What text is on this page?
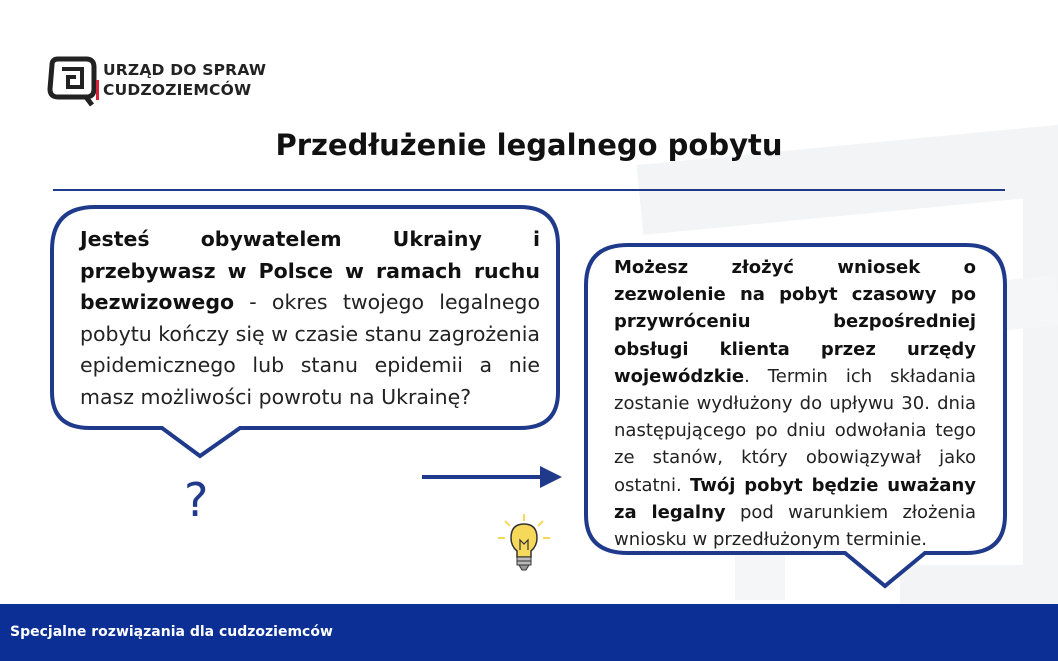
URZĄD DO SPRAW
CUDZOZIEMCÓW
Przedłużenie legalnego pobytu
Jesteś obywatelem Ukrainy i przebywasz w Polsce w ramach ruchu bezwizowego - okres twojego legalnego pobytu kończy się w czasie stanu zagrożenia epidemicznego lub stanu epidemii a nie masz możliwości powrotu na Ukrainę?
Możesz złożyć wniosek o zezwolenie na pobyt czasowy po przywróceniu bezpośredniej obsługi klienta przez urzędy wojewódzkie. Termin ich składania zostanie wydłużony do upływu 30. dnia następującego po dniu odwołania tego ze stanów, który obowiązywał jako ostatni. Twój pobyt będzie uważany za legalny pod warunkiem złożenia wniosku w przedłużonym terminie.
?
Specjalne rozwiązania dla cudzoziemców
